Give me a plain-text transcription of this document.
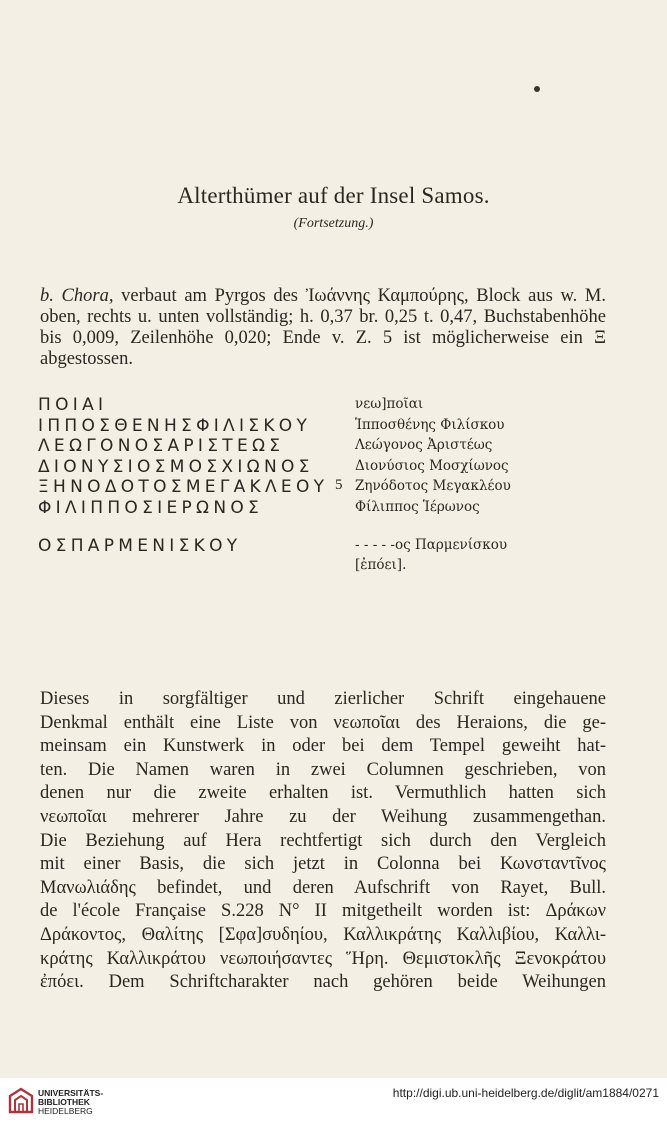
Alterthümer auf der Insel Samos.
(Fortsetzung.)
b. Chora, verbaut am Pyrgos des Ἰωάννης Καμπούρης, Block aus w. M. oben, rechts u. unten vollständig; h. 0,37 br. 0,25 t. 0,47, Buchstabenhöhe bis 0,009, Zeilenhöhe 0,020; Ende v. Z. 5 ist möglicherweise ein Ξ abgestossen.
ΠΟΙΑΙ	νεω]ποῖαι
ΙΠΠΟΣΘΕΝΗΣΦΙΛΙΣΚΟΥ	Ἱπποσθένης Φιλίσκου
ΛΕΩΓΟΝΟΣΑΡΙΣΤΕΩΣ	Λεώγονος Ἀριστέως
ΔΙΟΝΥΣΙΟΣΜΟΣΧΙΩΝΟΣ	Διονύσιος Μοσχίωνος
ΞΗΝΟΔΟΤΟΣΜΕΓΑΚΛΕΟΥ 5 Ζηνόδοτος Μεγακλέου
ΦΙΛΙΠΠΟΣΙΕΡΩΝΟΣ	Φίλιππος Ἱέρωνος
ΟΣΠΑΡΜΕΝΙΣΚΟΥ	- - - - -ος Παρμενίσκου
[ἐπόει].
Dieses in sorgfältiger und zierlicher Schrift eingehauene
Denkmal enthält eine Liste von νεωποῖαι des Heraions, die ge-
meinsam ein Kunstwerk in oder bei dem Tempel geweiht hat-
ten. Die Namen waren in zwei Columnen geschrieben, von
denen nur die zweite erhalten ist. Vermuthlich hatten sich
νεωποῖαι mehrerer Jahre zu der Weihung zusammengethan.
Die Beziehung auf Hera rechtfertigt sich durch den Vergleich
mit einer Basis, die sich jetzt in Colonna bei Κωνσταντῖνος
Μανωλιάδης befindet, und deren Aufschrift von Rayet, Bull.
de l'école Française S.228 N° II mitgetheilt worden ist: Δράκων
Δράκοντος, Θαλίτης [Σφα]συδηίου, Καλλικράτης Καλλιβίου, Καλλι-
κράτης Καλλικράτου νεωποιήσαντες Ἥρη. Θεμιστοκλῆς Ξενοκράτου
ἐπόει. Dem Schriftcharakter nach gehören beide Weihungen
UNIVERSITÄTS-
BIBLIOTHEK
HEIDELBERG
http://digi.ub.uni-heidelberg.de/diglit/am1884/0271
